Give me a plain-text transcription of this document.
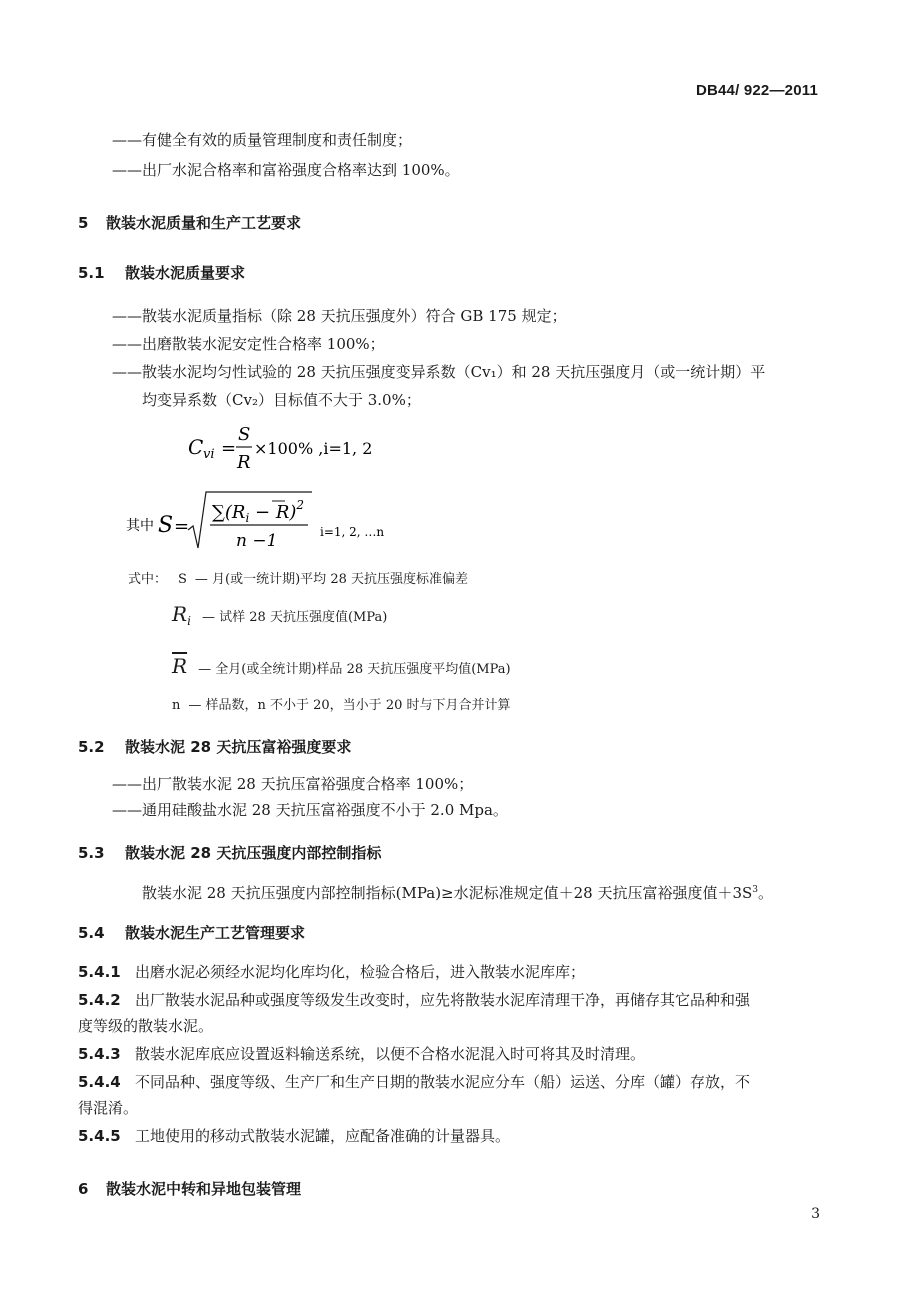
DB44/ 922—2011
——有健全有效的质量管理制度和责任制度；
——出厂水泥合格率和富裕强度合格率达到 100%。
5 散装水泥质量和生产工艺要求
5.1 散装水泥质量要求
——散装水泥质量指标（除 28 天抗压强度外）符合 GB 175 规定；
——出磨散装水泥安定性合格率 100%；
——散装水泥均匀性试验的 28 天抗压强度变异系数（Cv₁）和 28 天抗压强度月（或一统计期）平
均变异系数（Cv₂）目标值不大于 3.0%；
C vi =
S
R
×100% ,i=1, 2
其中 S =
$\sum(R_i - R)^2$
n −1	i=1, 2, …n
式中： S — 月(或一统计期)平均 28 天抗压强度标准偏差
$R_i$ — 试样 28 天抗压强度值(MPa)
$\overline{R}$ — 全月(或全统计期)样品 28 天抗压强度平均值(MPa)
n — 样品数，n 不小于 20，当小于 20 时与下月合并计算
5.2 散装水泥 28 天抗压富裕强度要求
——出厂散装水泥 28 天抗压富裕强度合格率 100%；
——通用硅酸盐水泥 28 天抗压富裕强度不小于 2.0 Mpa。
5.3 散装水泥 28 天抗压强度内部控制指标
散装水泥 28 天抗压强度内部控制指标(MPa)≥水泥标准规定值＋28 天抗压富裕强度值$+3S^3$。
5.4 散装水泥生产工艺管理要求
5.4.1 出磨水泥必须经水泥均化库均化，检验合格后，进入散装水泥库库；
5.4.2 出厂散装水泥品种或强度等级发生改变时，应先将散装水泥库清理干净，再储存其它品种和强
度等级的散装水泥。
5.4.3 散装水泥库底应设置返料输送系统，以便不合格水泥混入时可将其及时清理。
5.4.4 不同品种、强度等级、生产厂和生产日期的散装水泥应分车（船）运送、分库（罐）存放，不
得混淆。
5.4.5 工地使用的移动式散装水泥罐，应配备准确的计量器具。
6 散装水泥中转和异地包装管理
3
